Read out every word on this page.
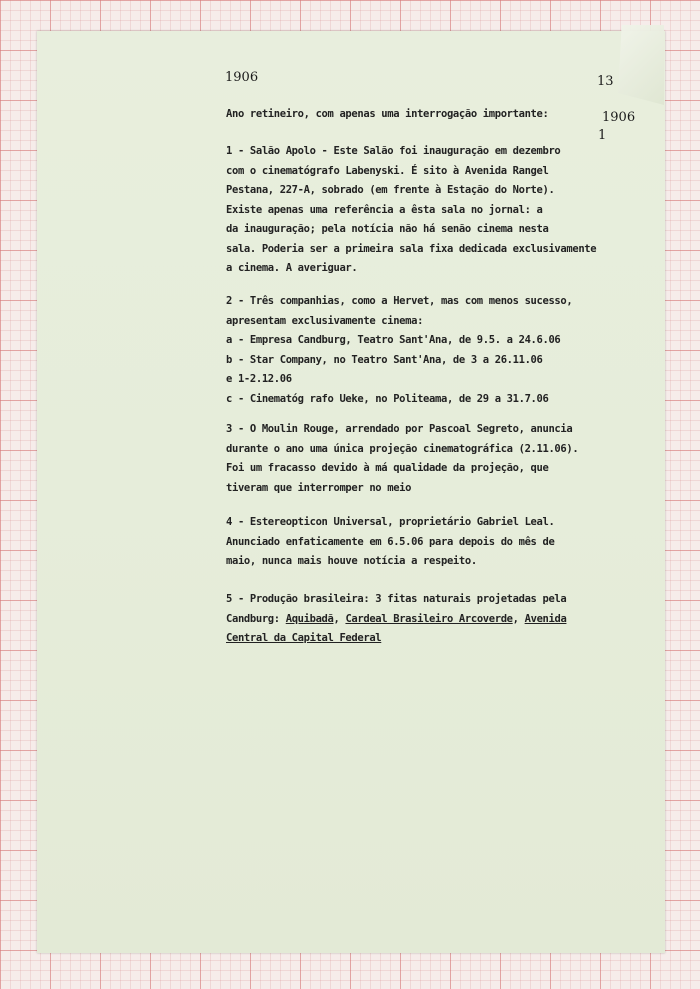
1906	13
1906
1
Ano retineiro, com apenas uma interrogação importante:
1 - Salão Apolo - Este Salão foi inauguração em dezembro
com o cinematógrafo Labenyski. É sito à Avenida Rangel
Pestana, 227-A, sobrado (em frente à Estação do Norte).
Existe apenas uma referência a êsta sala no jornal: a
da inauguração; pela notícia não há senão cinema nesta
sala. Poderia ser a primeira sala fixa dedicada exclusivamente
a cinema. A averiguar.
2 - Três companhias, como a Hervet, mas com menos sucesso,
apresentam exclusivamente cinema:
a - Empresa Candburg, Teatro Sant'Ana, de 9.5. a 24.6.06
b - Star Company, no Teatro Sant'Ana, de 3 a 26.11.06
e 1-2.12.06
c - Cinematóg rafo Ueke, no Politeama, de 29 a 31.7.06
3 - O Moulin Rouge, arrendado por Pascoal Segreto, anuncia
durante o ano uma única projeção cinematográfica (2.11.06).
Foi um fracasso devido à má qualidade da projeção, que
tiveram que interromper no meio
4 - Estereopticon Universal, proprietário Gabriel Leal.
Anunciado enfaticamente em 6.5.06 para depois do mês de
maio, nunca mais houve notícia a respeito.
5 - Produção brasileira: 3 fitas naturais projetadas pela
Candburg: Aquibadã, Cardeal Brasileiro Arcoverde, Avenida
Central da Capital Federal
